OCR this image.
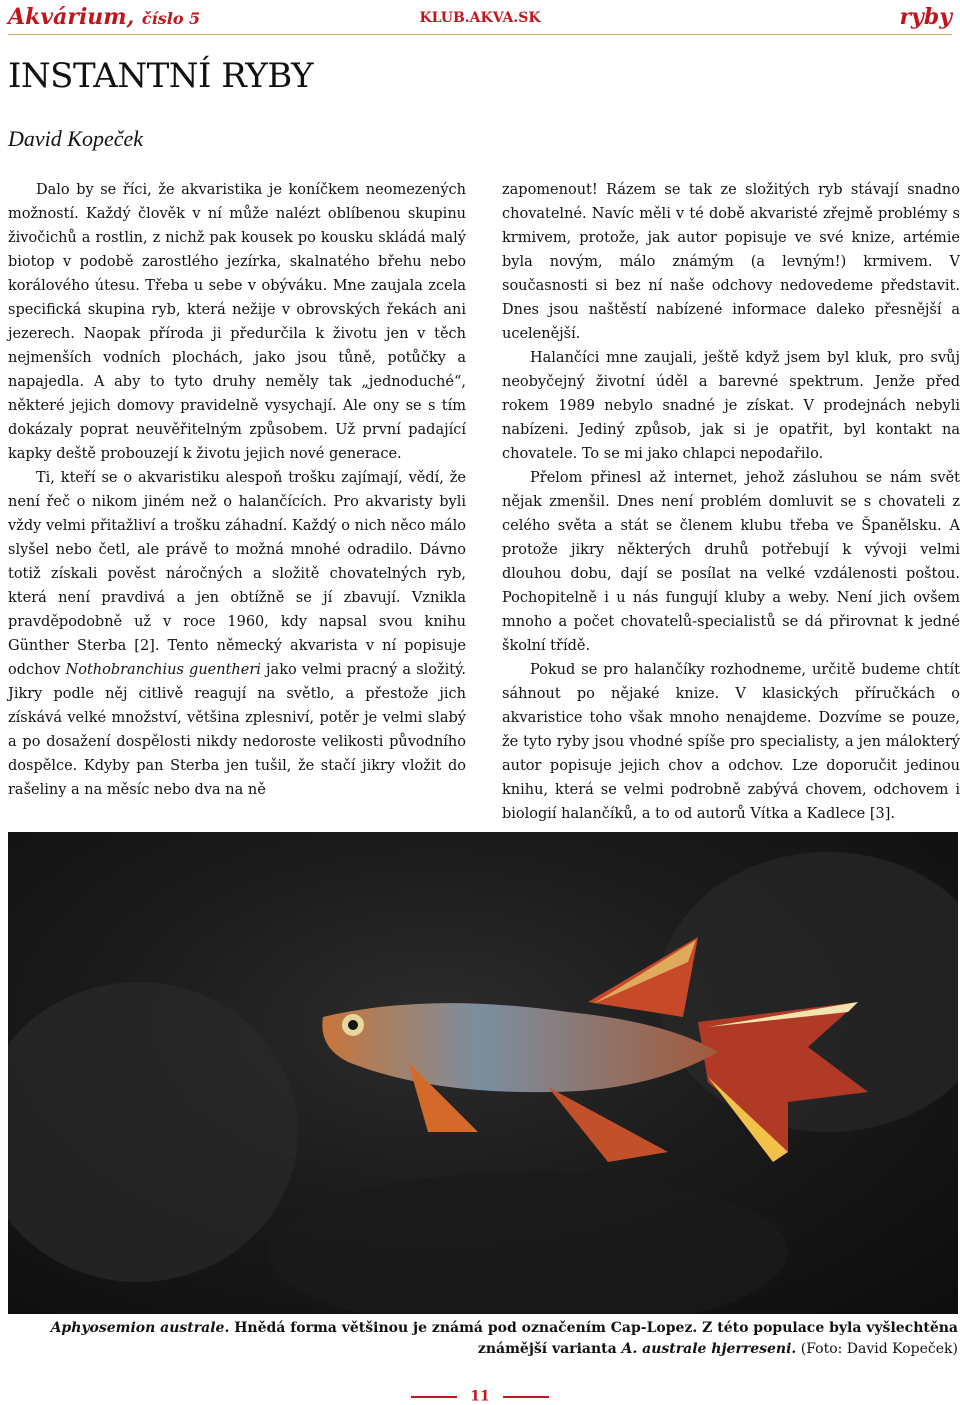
Akvárium, číslo 5	KLUB.AKVA.SK	ryby
INSTANTNÍ RYBY
David Kopeček

Dalo by se říci, že akvaristika je koníčkem neomezených možností. Každý člověk v ní může nalézt oblíbenou skupinu živočichů a rostlin, z nichž pak kousek po kousku skládá malý biotop v podobě zarostlého jezírka, skalnatého břehu nebo korálového útesu. Třeba u sebe v obýváku. Mne zaujala zcela specifická skupina ryb, která nežije v obrovských řekách ani jezerech. Naopak příroda ji předurčila k životu jen v těch nejmenších vodních plochách, jako jsou tůně, potůčky a napajedla. A aby to tyto druhy neměly tak „jednoduché“, některé jejich domovy pravidelně vysychají. Ale ony se s tím dokázaly poprat neuvěřitelným způsobem. Už první padající kapky deště probouzejí k životu jejich nové generace.

Ti, kteří se o akvaristiku alespoň trošku zajímají, vědí, že není řeč o nikom jiném než o halančících. Pro akvaristy byli vždy velmi přitažliví a trošku záhadní. Každý o nich něco málo slyšel nebo četl, ale právě to možná mnohé odradilo. Dávno totiž získali pověst náročných a složitě chovatelných ryb, která není pravdivá a jen obtížně se jí zbavují. Vznikla pravděpodobně už v roce 1960, kdy napsal svou knihu Günther Sterba [2]. Tento německý akvarista v ní popisuje odchov Nothobranchius guentheri jako velmi pracný a složitý. Jikry podle něj citlivě reagují na světlo, a přestože jich získává velké množství, většina zplesniví, potěr je velmi slabý a po dosažení dospělosti nikdy nedoroste velikosti původního dospělce. Kdyby pan Sterba jen tušil, že stačí jikry vložit do rašeliny a na měsíc nebo dva na ně

zapomenout! Rázem se tak ze složitých ryb stávají snadno chovatelné. Navíc měli v té době akvaristé zřejmě problémy s krmivem, protože, jak autor popisuje ve své knize, artémie byla novým, málo známým (a levným!) krmivem. V současnosti si bez ní naše odchovy nedovedeme představit. Dnes jsou naštěstí nabízené informace daleko přesnější a ucelenější.

Halančíci mne zaujali, ještě když jsem byl kluk, pro svůj neobyčejný životní úděl a barevné spektrum. Jenže před rokem 1989 nebylo snadné je získat. V prodejnách nebyli nabízeni. Jediný způsob, jak si je opatřit, byl kontakt na chovatele. To se mi jako chlapci nepodařilo.

Přelom přinesl až internet, jehož zásluhou se nám svět nějak zmenšil. Dnes není problém domluvit se s chovateli z celého světa a stát se členem klubu třeba ve Španělsku. A protože jikry některých druhů potřebují k vývoji velmi dlouhou dobu, dají se posílat na velké vzdálenosti poštou. Pochopitelně i u nás fungují kluby a weby. Není jich ovšem mnoho a počet chovatelů-specialistů se dá přirovnat k jedné školní třídě.

Pokud se pro halančíky rozhodneme, určitě budeme chtít sáhnout po nějaké knize. V klasických příručkách o akvaristice toho však mnoho nenajdeme. Dozvíme se pouze, že tyto ryby jsou vhodné spíše pro specialisty, a jen málokterý autor popisuje jejich chov a odchov. Lze doporučit jedinou knihu, která se velmi podrobně zabývá chovem, odchovem i biologií halančíků, a to od autorů Vítka a Kadlece [3].

Aphyosemion australe. Hnědá forma většinou je známá pod označením Cap-Lopez. Z této populace byla vyšlechtěna známější varianta A. australe hjerreseni. (Foto: David Kopeček)
11
